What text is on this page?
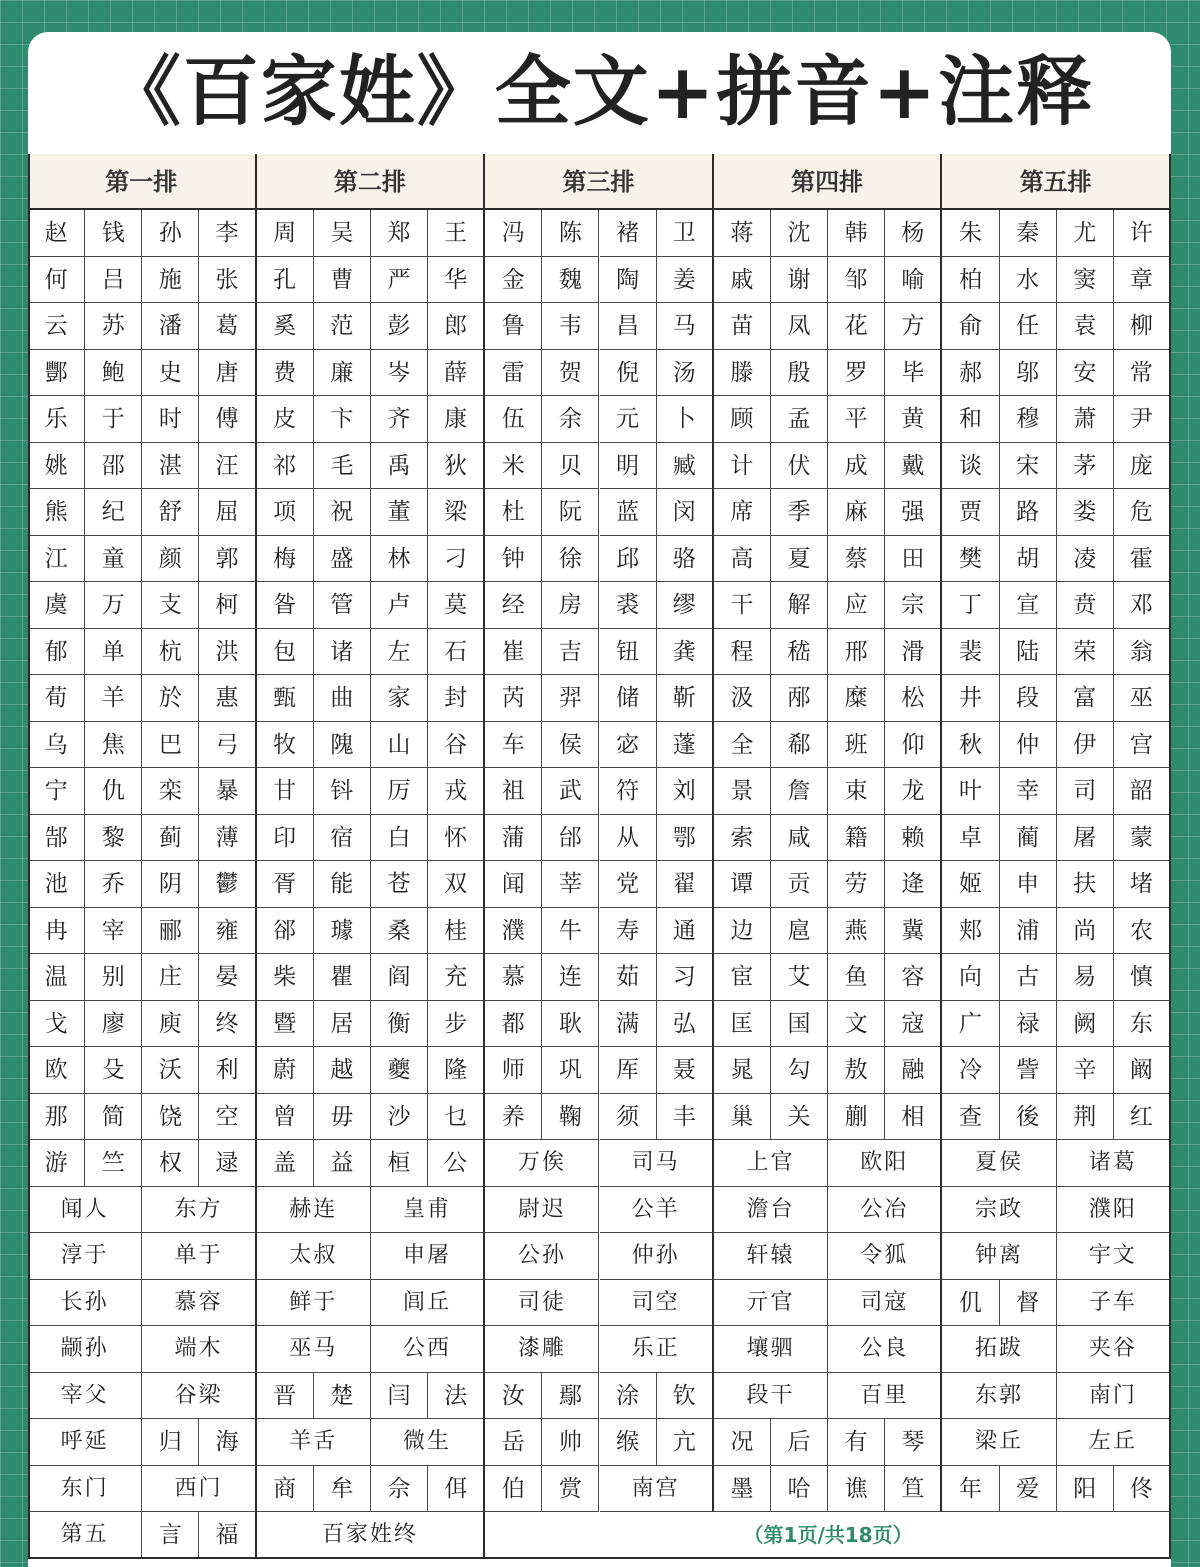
《百家姓》全文+拼音+注释
第一排	第二排	第三排	第四排	第五排
赵	钱	孙	李	周	吴	郑	王	冯	陈	褚	卫	蒋	沈	韩	杨	朱	秦	尤	许
何	吕	施	张	孔	曹	严	华	金	魏	陶	姜	戚	谢	邹	喻	柏	水	窦	章
云	苏	潘	葛	奚	范	彭	郎	鲁	韦	昌	马	苗	凤	花	方	俞	任	袁	柳
酆	鲍	史	唐	费	廉	岑	薛	雷	贺	倪	汤	滕	殷	罗	毕	郝	邬	安	常
乐	于	时	傅	皮	卞	齐	康	伍	余	元	卜	顾	孟	平	黄	和	穆	萧	尹
姚	邵	湛	汪	祁	毛	禹	狄	米	贝	明	臧	计	伏	成	戴	谈	宋	茅	庞
熊	纪	舒	屈	项	祝	董	梁	杜	阮	蓝	闵	席	季	麻	强	贾	路	娄	危
江	童	颜	郭	梅	盛	林	刁	钟	徐	邱	骆	高	夏	蔡	田	樊	胡	凌	霍
虞	万	支	柯	昝	管	卢	莫	经	房	裘	缪	干	解	应	宗	丁	宣	贲	邓
郁	单	杭	洪	包	诸	左	石	崔	吉	钮	龚	程	嵇	邢	滑	裴	陆	荣	翁
荀	羊	於	惠	甄	曲	家	封	芮	羿	储	靳	汲	邴	糜	松	井	段	富	巫
乌	焦	巴	弓	牧	隗	山	谷	车	侯	宓	蓬	全	郗	班	仰	秋	仲	伊	宫
宁	仇	栾	暴	甘	钭	厉	戎	祖	武	符	刘	景	詹	束	龙	叶	幸	司	韶
郜	黎	蓟	薄	印	宿	白	怀	蒲	邰	从	鄂	索	咸	籍	赖	卓	蔺	屠	蒙
池	乔	阴	鬱	胥	能	苍	双	闻	莘	党	翟	谭	贡	劳	逄	姬	申	扶	堵
冉	宰	郦	雍	郤	璩	桑	桂	濮	牛	寿	通	边	扈	燕	冀	郏	浦	尚	农
温	别	庄	晏	柴	瞿	阎	充	慕	连	茹	习	宦	艾	鱼	容	向	古	易	慎
戈	廖	庾	终	暨	居	衡	步	都	耿	满	弘	匡	国	文	寇	广	禄	阙	东
欧	殳	沃	利	蔚	越	夔	隆	师	巩	厍	聂	晁	勾	敖	融	冷	訾	辛	阚
那	简	饶	空	曾	毋	沙	乜	养	鞠	须	丰	巢	关	蒯	相	查	後	荆	红
游	竺	权	逯	盖	益	桓	公	万俟	司马	上官	欧阳	夏侯	诸葛
闻人	东方	赫连	皇甫	尉迟	公羊	澹台	公冶	宗政	濮阳
淳于	单于	太叔	申屠	公孙	仲孙	轩辕	令狐	钟离	宇文
长孙	慕容	鲜于	闾丘	司徒	司空	亓官	司寇	仉	督	子车
颛孙	端木	巫马	公西	漆雕	乐正	壤驷	公良	拓跋	夹谷
宰父	谷梁	晋	楚	闫	法	汝	鄢	涂	钦	段干	百里	东郭	南门
呼延	归	海	羊舌	微生	岳	帅	缑	亢	况	后	有	琴	梁丘	左丘
东门	西门	商	牟	佘	佴	伯	赏	南宫	墨	哈	谯	笪	年	爱	阳	佟
第五	言	福	百家姓终	（第1页/共18页）
